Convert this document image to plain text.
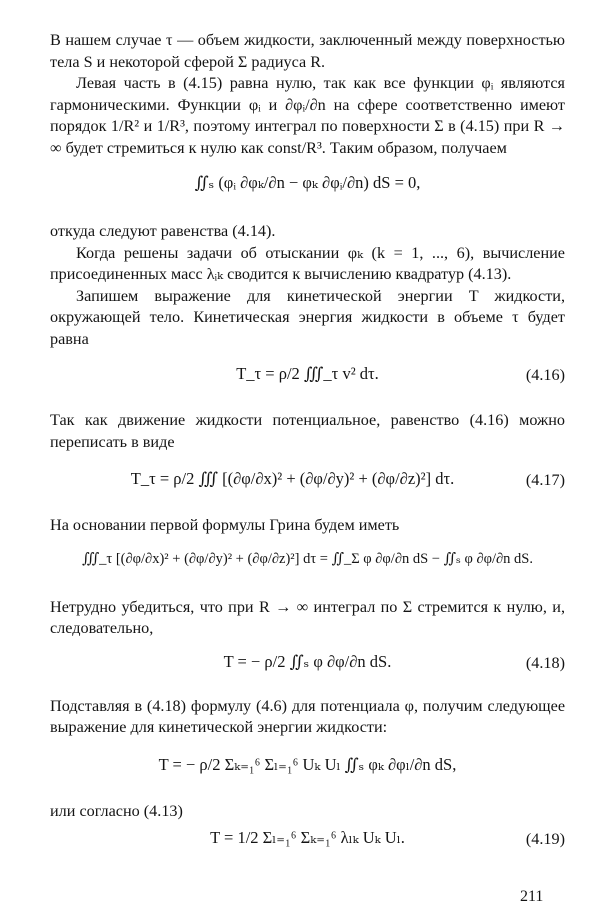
В нашем случае τ — объем жидкости, заключенный между поверхностью тела S и некоторой сферой Σ радиуса R.

Левая часть в (4.15) равна нулю, так как все функции φᵢ являются гармоническими. Функции φᵢ и ∂φᵢ/∂n на сфере соответственно имеют порядок 1/R² и 1/R³, поэтому интеграл по поверхности Σ в (4.15) при R → ∞ будет стремиться к нулю как const/R³. Таким образом, получаем

∬ₛ (φᵢ ∂φₖ/∂n − φₖ ∂φᵢ/∂n) dS = 0,

откуда следуют равенства (4.14).

Когда решены задачи об отыскании φₖ (k = 1, ..., 6), вычисление присоединенных масс λᵢₖ сводится к вычислению квадратур (4.13).

Запишем выражение для кинетической энергии T жидкости, окружающей тело. Кинетическая энергия жидкости в объеме τ будет равна

T_τ = ρ/2 ∭_τ v² dτ.	(4.16)

Так как движение жидкости потенциальное, равенство (4.16) можно переписать в виде

T_τ = ρ/2 ∭ [(∂φ/∂x)² + (∂φ/∂y)² + (∂φ/∂z)²] dτ.	(4.17)

На основании первой формулы Грина будем иметь

∭_τ [(∂φ/∂x)² + (∂φ/∂y)² + (∂φ/∂z)²] dτ = ∬_Σ φ ∂φ/∂n dS − ∬ₛ φ ∂φ/∂n dS.

Нетрудно убедиться, что при R → ∞ интеграл по Σ стремится к нулю, и, следовательно,

T = − ρ/2 ∬ₛ φ ∂φ/∂n dS.	(4.18)

Подставляя в (4.18) формулу (4.6) для потенциала φ, получим следующее выражение для кинетической энергии жидкости:

T = − ρ/2 Σₖ₌₁⁶ Σₗ₌₁⁶ Uₖ Uₗ ∬ₛ φₖ ∂φₗ/∂n dS,

или согласно (4.13)

T = 1/2 Σₗ₌₁⁶ Σₖ₌₁⁶ λₗₖ Uₖ Uₗ.	(4.19)
211
